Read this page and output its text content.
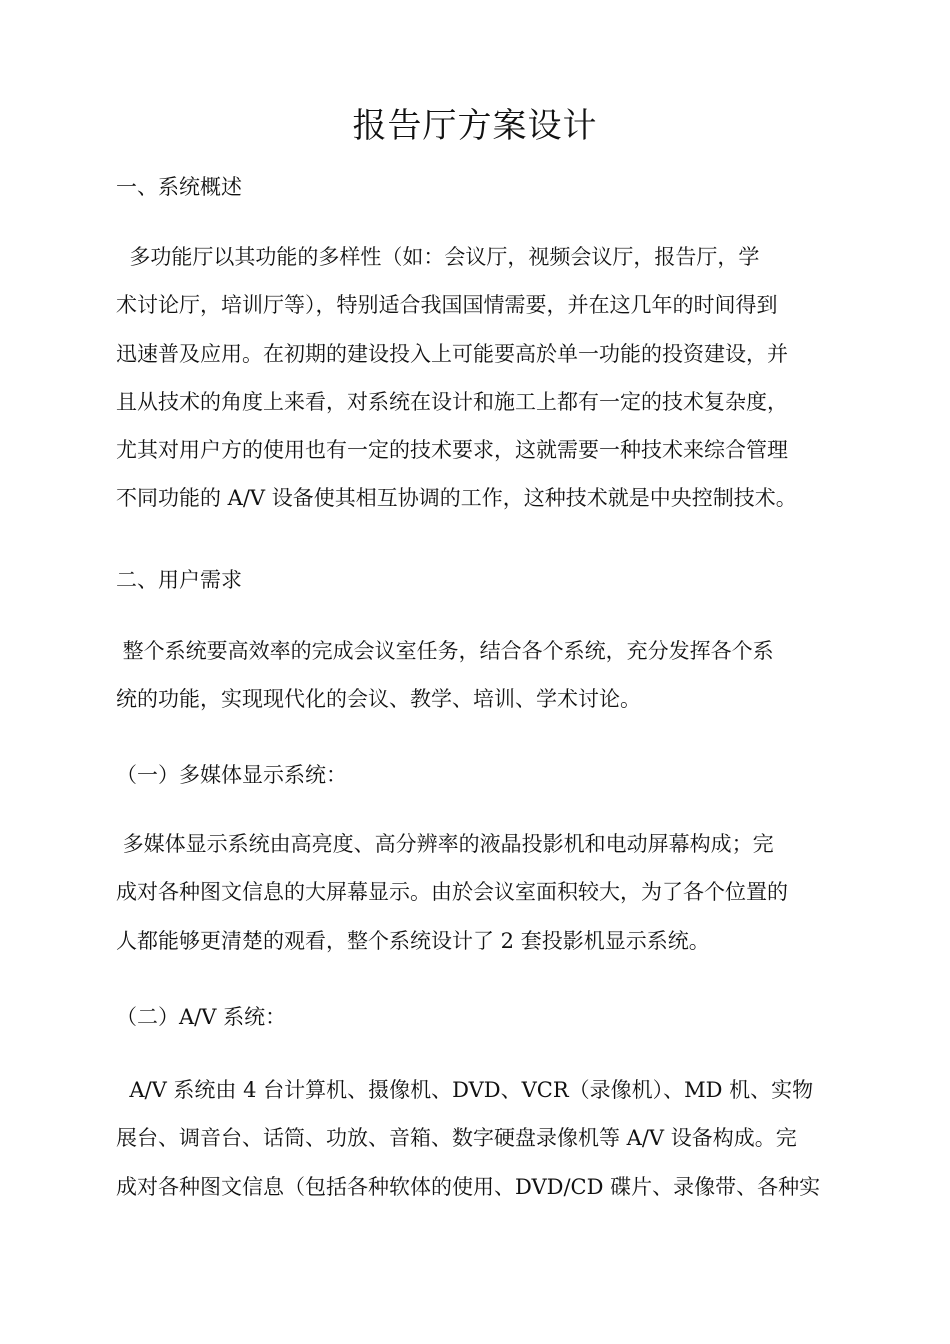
报告厅方案设计
一、系统概述
多功能厅以其功能的多样性（如：会议厅，视频会议厅，报告厅，学
术讨论厅，培训厅等），特别适合我国国情需要，并在这几年的时间得到
迅速普及应用。在初期的建设投入上可能要高於单一功能的投资建设，并
且从技术的角度上来看，对系统在设计和施工上都有一定的技术复杂度，
尤其对用户方的使用也有一定的技术要求，这就需要一种技术来综合管理
不同功能的 A/V 设备使其相互协调的工作，这种技术就是中央控制技术。
二、用户需求
整个系统要高效率的完成会议室任务，结合各个系统，充分发挥各个系
统的功能，实现现代化的会议、教学、培训、学术讨论。
（一）多媒体显示系统：
多媒体显示系统由高亮度、高分辨率的液晶投影机和电动屏幕构成；完
成对各种图文信息的大屏幕显示。由於会议室面积较大，为了各个位置的
人都能够更清楚的观看，整个系统设计了 2 套投影机显示系统。
（二）A/V 系统：
A/V 系统由 4 台计算机、摄像机、DVD、VCR（录像机）、MD 机、实物
展台、调音台、话筒、功放、音箱、数字硬盘录像机等 A/V 设备构成。完
成对各种图文信息（包括各种软体的使用、DVD/CD 碟片、录像带、各种实
